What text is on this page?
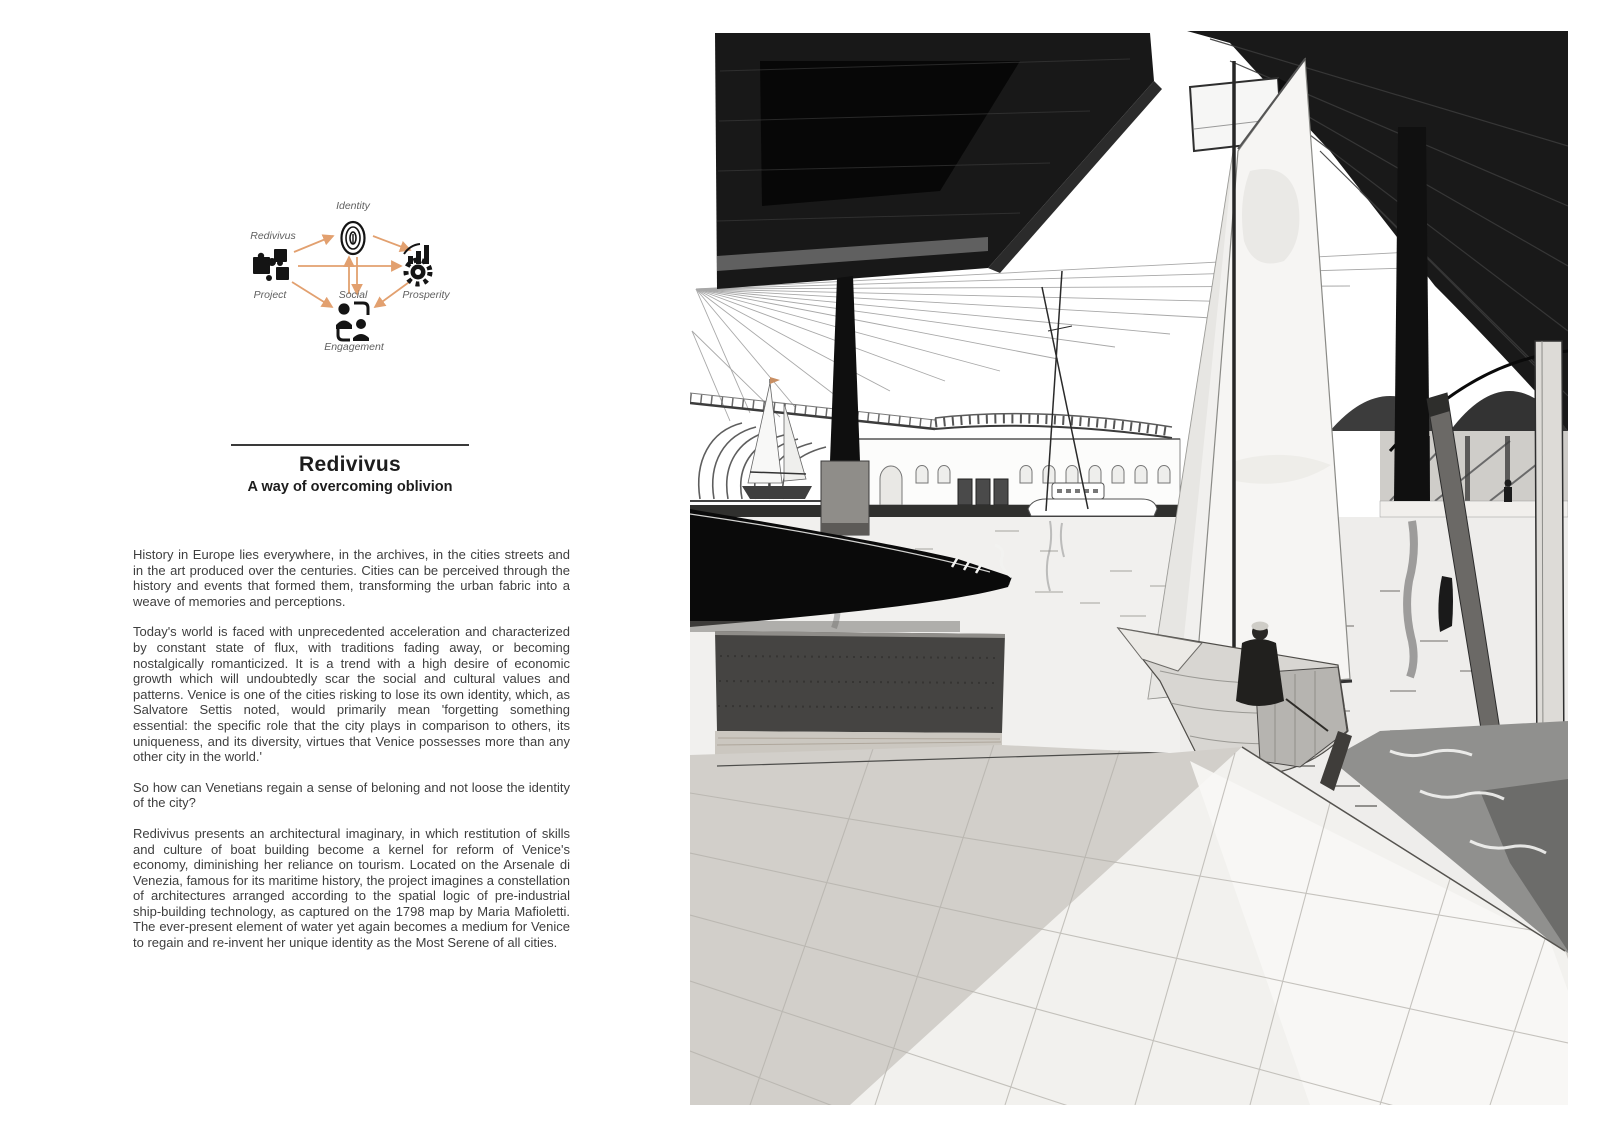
Identity
Redivivus
Project	Social	Prosperity
Engagement
Redivivus
A way of overcoming oblivion

History in Europe lies everywhere, in the archives, in the cities streets and in the art produced over the centuries. Cities can be perceived through the history and events that formed them, transforming the urban fabric into a weave of memories and perceptions.

Today's world is faced with unprecedented acceleration and characterized by constant state of flux, with traditions fading away, or becoming nostalgically romanticized. It is a trend with a high desire of economic growth which will undoubtedly scar the social and cultural values and patterns. Venice is one of the cities risking to lose its own identity, which, as Salvatore Settis noted, would primarily mean 'forgetting something essential: the specific role that the city plays in comparison to others, its uniqueness, and its diversity, virtues that Venice possesses more than any other city in the world.'

So how can Venetians regain a sense of beloning and not loose the identity of the city?

Redivivus presents an architectural imaginary, in which restitution of skills and culture of boat building become a kernel for reform of Venice's economy, diminishing her reliance on tourism. Located on the Arsenale di Venezia, famous for its maritime history, the project imagines a constellation of architectures arranged according to the spatial logic of pre-industrial ship-building technology, as captured on the 1798 map by Maria Mafioletti. The ever-present element of water yet again becomes a medium for Venice to regain and re-invent her unique identity as the Most Serene of all cities.
